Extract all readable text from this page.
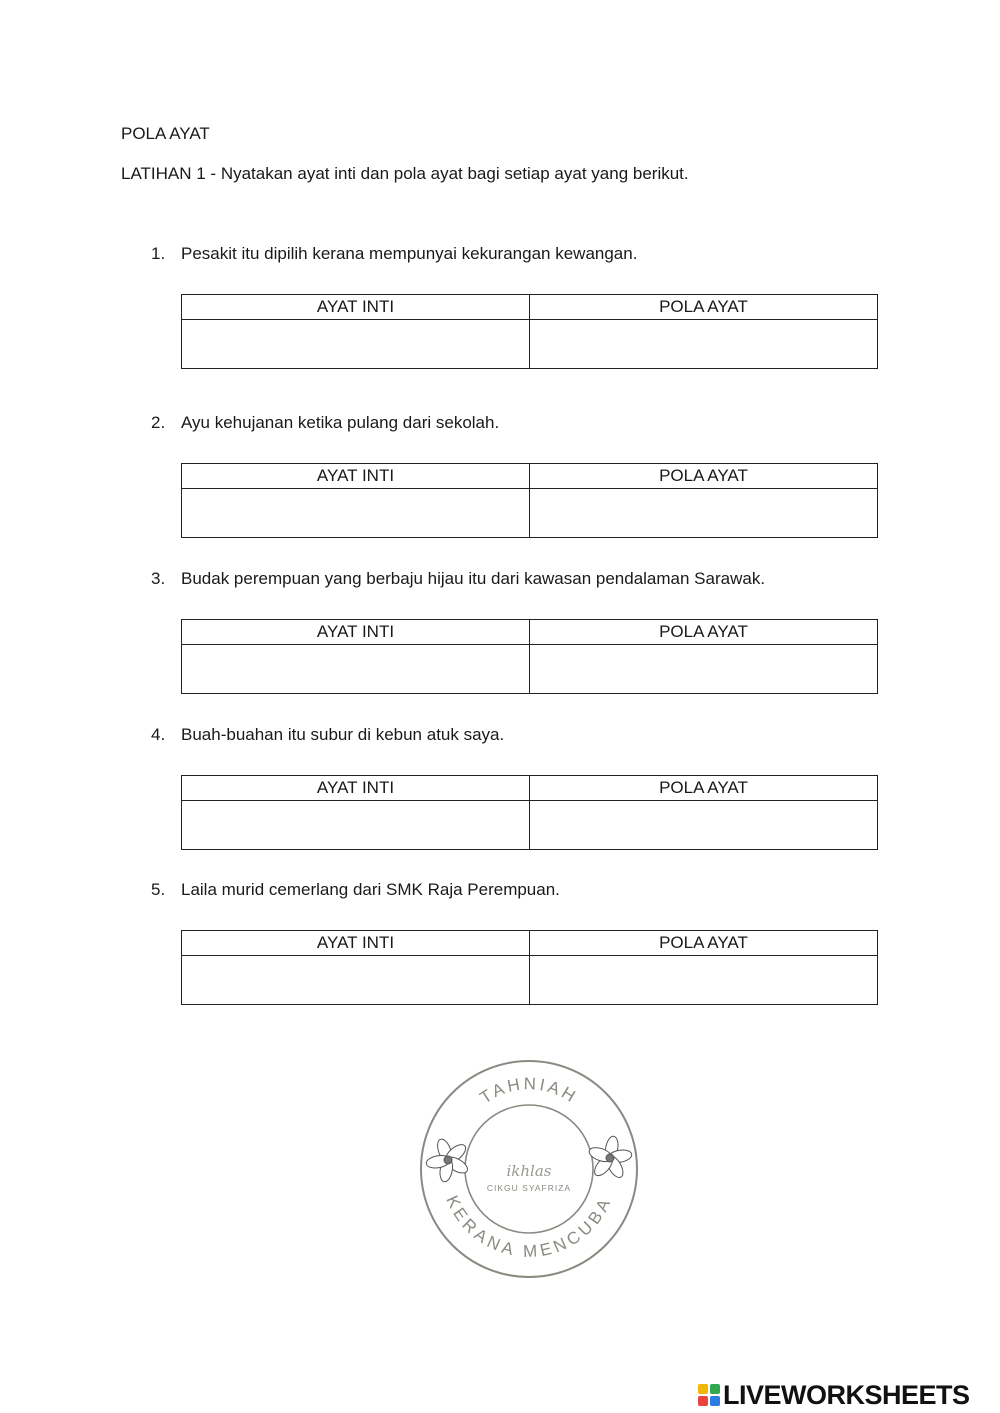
POLA AYAT
LATIHAN 1 - Nyatakan ayat inti dan pola ayat bagi setiap ayat yang berikut.
1. Pesakit itu dipilih kerana mempunyai kekurangan kewangan.
AYAT INTI	POLA AYAT

2. Ayu kehujanan ketika pulang dari sekolah.
AYAT INTI	POLA AYAT

3. Budak perempuan yang berbaju hijau itu dari kawasan pendalaman Sarawak.
AYAT INTI	POLA AYAT

4. Buah-buahan itu subur di kebun atuk saya.
AYAT INTI	POLA AYAT

5. Laila murid cemerlang dari SMK Raja Perempuan.
AYAT INTI	POLA AYAT

TAHNIAH
KERANA MENCUBA
ikhlas
CIKGU SYAFRIZA
LIVEWORKSHEETS
